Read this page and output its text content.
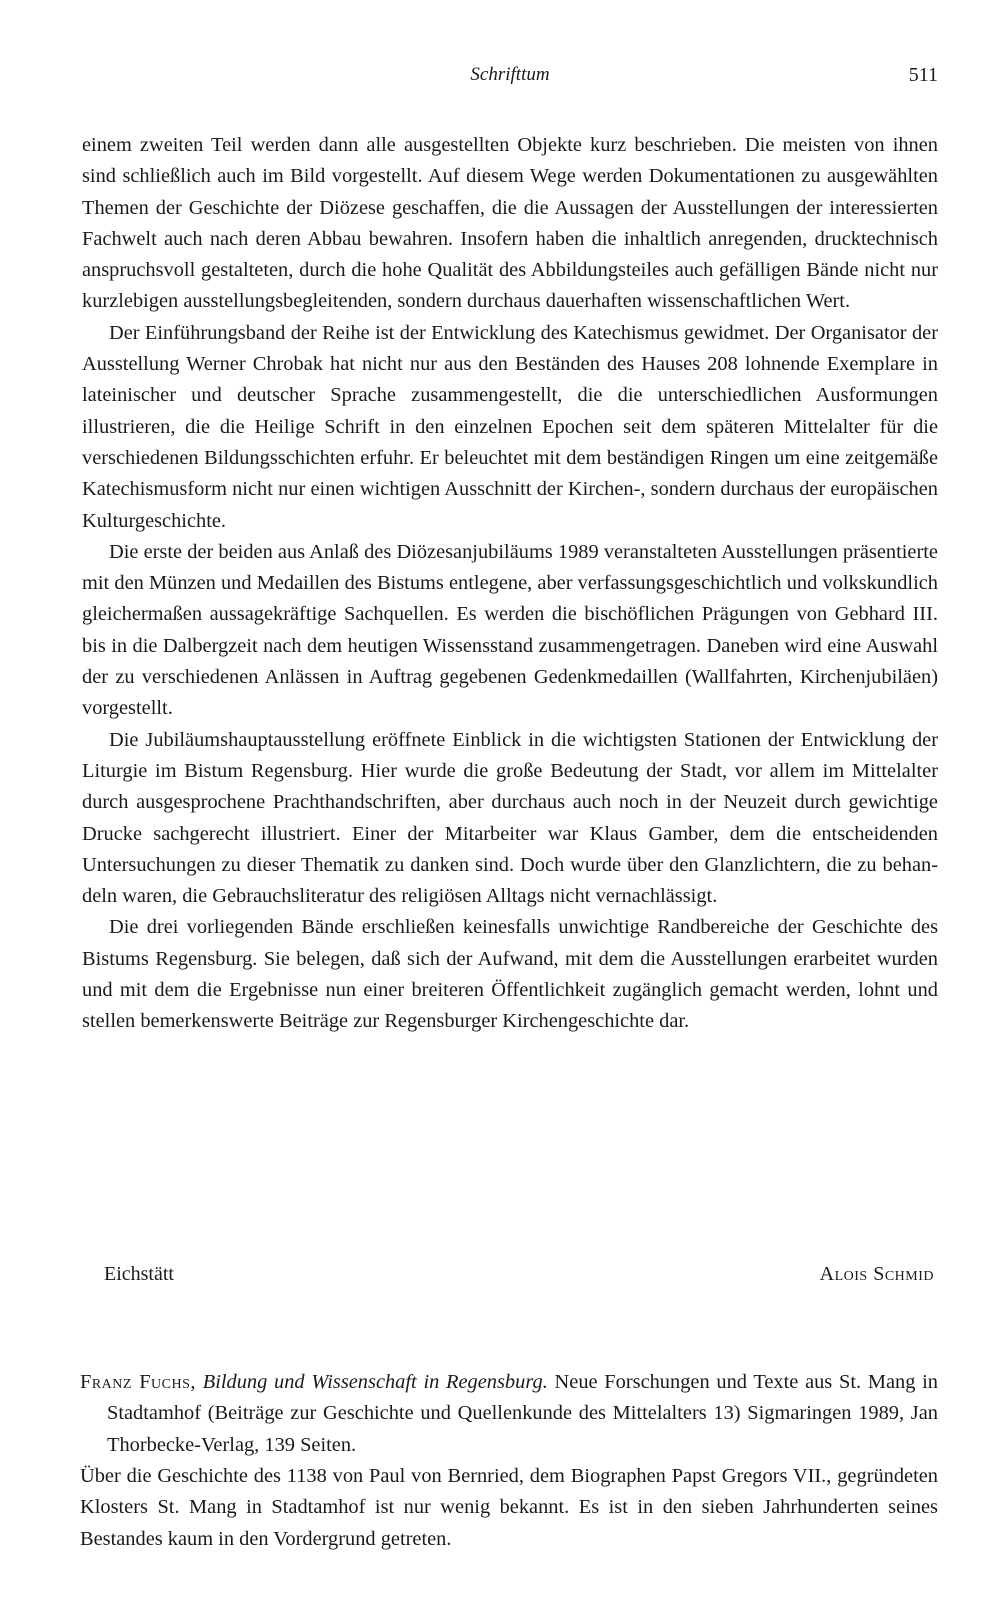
Schrifttum	511

einem zweiten Teil werden dann alle ausgestellten Objekte kurz beschrieben. Die meisten von ihnen sind schließlich auch im Bild vorgestellt. Auf diesem Wege werden Dokumentationen zu ausgewählten Themen der Geschichte der Diözese geschaffen, die die Aussagen der Ausstellungen der interessierten Fachwelt auch nach deren Abbau bewahren. Insofern haben die inhaltlich anregenden, drucktechnisch anspruchsvoll gestalteten, durch die hohe Qualität des Abbildungsteiles auch gefälligen Bände nicht nur kurzlebigen ausstellungsbegleitenden, sondern durchaus dauerhaften wissenschaftlichen Wert.

Der Einführungsband der Reihe ist der Entwicklung des Katechismus gewidmet. Der Organisator der Ausstellung Werner Chrobak hat nicht nur aus den Beständen des Hauses 208 lohnende Exemplare in lateinischer und deutscher Sprache zusammengestellt, die die unterschiedlichen Ausformungen illustrieren, die die Heilige Schrift in den einzelnen Epochen seit dem späteren Mittelalter für die verschiedenen Bildungsschichten erfuhr. Er beleuchtet mit dem beständigen Ringen um eine zeitgemäße Katechismusform nicht nur einen wichtigen Ausschnitt der Kirchen-, sondern durchaus der europäischen Kulturgeschichte.

Die erste der beiden aus Anlaß des Diözesanjubiläums 1989 veranstalteten Ausstellungen präsentierte mit den Münzen und Medaillen des Bistums entlegene, aber verfassungsgeschichtlich und volkskundlich gleichermaßen aussagekräftige Sachquellen. Es werden die bischöflichen Prägungen von Gebhard III. bis in die Dalbergzeit nach dem heutigen Wissensstand zusammengetragen. Daneben wird eine Auswahl der zu verschiedenen Anlässen in Auftrag gegebenen Gedenkmedaillen (Wallfahrten, Kirchenjubiläen) vorgestellt.

Die Jubiläumshauptausstellung eröffnete Einblick in die wichtigsten Stationen der Entwicklung der Liturgie im Bistum Regensburg. Hier wurde die große Bedeutung der Stadt, vor allem im Mittelalter durch ausgesprochene Prachthandschriften, aber durchaus auch noch in der Neuzeit durch gewichtige Drucke sachgerecht illustriert. Einer der Mitarbeiter war Klaus Gamber, dem die entscheidenden Untersuchungen zu dieser Thematik zu danken sind. Doch wurde über den Glanzlichtern, die zu behandeln waren, die Gebrauchsliteratur des religiösen Alltags nicht vernachlässigt.

Die drei vorliegenden Bände erschließen keinesfalls unwichtige Randbereiche der Geschichte des Bistums Regensburg. Sie belegen, daß sich der Aufwand, mit dem die Ausstellungen erarbeitet wurden und mit dem die Ergebnisse nun einer breiteren Öffentlichkeit zugänglich gemacht werden, lohnt und stellen bemerkenswerte Beiträge zur Regensburger Kirchengeschichte dar.

Eichstätt	Alois Schmid
Franz Fuchs, Bildung und Wissenschaft in Regensburg. Neue Forschungen und Texte aus St. Mang in Stadtamhof (Beiträge zur Geschichte und Quellenkunde des Mittelalters 13) Sigmaringen 1989, Jan Thorbecke-Verlag, 139 Seiten.
Über die Geschichte des 1138 von Paul von Bernried, dem Biographen Papst Gregors VII., gegründeten Klosters St. Mang in Stadtamhof ist nur wenig bekannt. Es ist in den sieben Jahrhunderten seines Bestandes kaum in den Vordergrund getreten.
